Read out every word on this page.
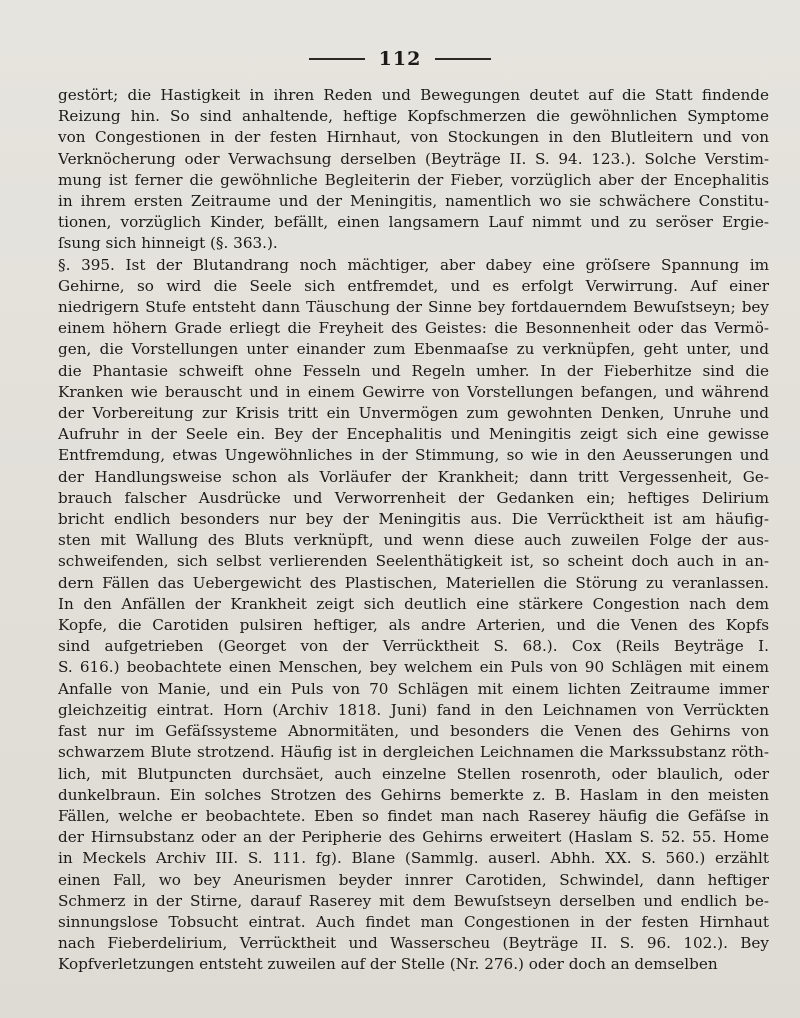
112
gestört; die Hastigkeit in ihren Reden und Bewegungen deutet auf die Statt findende
Reizung hin. So sind anhaltende, heftige Kopfschmerzen die gewöhnlichen Symptome
von Congestionen in der festen Hirnhaut, von Stockungen in den Blutleitern und von
Verknöcherung oder Verwachsung derselben (Beyträge II. S. 94. 123.). Solche Verstim-
mung ist ferner die gewöhnliche Begleiterin der Fieber, vorzüglich aber der Encephalitis
in ihrem ersten Zeitraume und der Meningitis, namentlich wo sie schwächere Constitu-
tionen, vorzüglich Kinder, befällt, einen langsamern Lauf nimmt und zu seröser Ergie-
ſsung sich hinneigt (§. 363.).
§. 395. Ist der Blutandrang noch mächtiger, aber dabey eine gröſsere Spannung im
Gehirne, so wird die Seele sich entfremdet, und es erfolgt Verwirrung. Auf einer
niedrigern Stufe entsteht dann Täuschung der Sinne bey fortdauerndem Bewuſstseyn; bey
einem höhern Grade erliegt die Freyheit des Geistes: die Besonnenheit oder das Vermö-
gen, die Vorstellungen unter einander zum Ebenmaaſse zu verknüpfen, geht unter, und
die Phantasie schweift ohne Fesseln und Regeln umher. In der Fieberhitze sind die
Kranken wie berauscht und in einem Gewirre von Vorstellungen befangen, und während
der Vorbereitung zur Krisis tritt ein Unvermögen zum gewohnten Denken, Unruhe und
Aufruhr in der Seele ein. Bey der Encephalitis und Meningitis zeigt sich eine gewisse
Entfremdung, etwas Ungewöhnliches in der Stimmung, so wie in den Aeusserungen und
der Handlungsweise schon als Vorläufer der Krankheit; dann tritt Vergessenheit, Ge-
brauch falscher Ausdrücke und Verworrenheit der Gedanken ein; heftiges Delirium
bricht endlich besonders nur bey der Meningitis aus. Die Verrücktheit ist am häufig-
sten mit Wallung des Bluts verknüpft, und wenn diese auch zuweilen Folge der aus-
schweifenden, sich selbst verlierenden Seelenthätigkeit ist, so scheint doch auch in an-
dern Fällen das Uebergewicht des Plastischen, Materiellen die Störung zu veranlassen.
In den Anfällen der Krankheit zeigt sich deutlich eine stärkere Congestion nach dem
Kopfe, die Carotiden pulsiren heftiger, als andre Arterien, und die Venen des Kopfs
sind aufgetrieben (Georget von der Verrücktheit S. 68.). Cox (Reils Beyträge I.
S. 616.) beobachtete einen Menschen, bey welchem ein Puls von 90 Schlägen mit einem
Anfalle von Manie, und ein Puls von 70 Schlägen mit einem lichten Zeitraume immer
gleichzeitig eintrat. Horn (Archiv 1818. Juni) fand in den Leichnamen von Verrückten
fast nur im Gefäſssysteme Abnormitäten, und besonders die Venen des Gehirns von
schwarzem Blute strotzend. Häufig ist in dergleichen Leichnamen die Markssubstanz röth-
lich, mit Blutpuncten durchsäet, auch einzelne Stellen rosenroth, oder blaulich, oder
dunkelbraun. Ein solches Strotzen des Gehirns bemerkte z. B. Haslam in den meisten
Fällen, welche er beobachtete. Eben so findet man nach Raserey häufig die Gefäſse in
der Hirnsubstanz oder an der Peripherie des Gehirns erweitert (Haslam S. 52. 55. Home
in Meckels Archiv III. S. 111. fg). Blane (Sammlg. auserl. Abhh. XX. S. 560.) erzählt
einen Fall, wo bey Aneurismen beyder innrer Carotiden, Schwindel, dann heftiger
Schmerz in der Stirne, darauf Raserey mit dem Bewuſstseyn derselben und endlich be-
sinnungslose Tobsucht eintrat. Auch findet man Congestionen in der festen Hirnhaut
nach Fieberdelirium, Verrücktheit und Wasserscheu (Beyträge II. S. 96. 102.). Bey
Kopfverletzungen entsteht zuweilen auf der Stelle (Nr. 276.) oder doch an demselben
